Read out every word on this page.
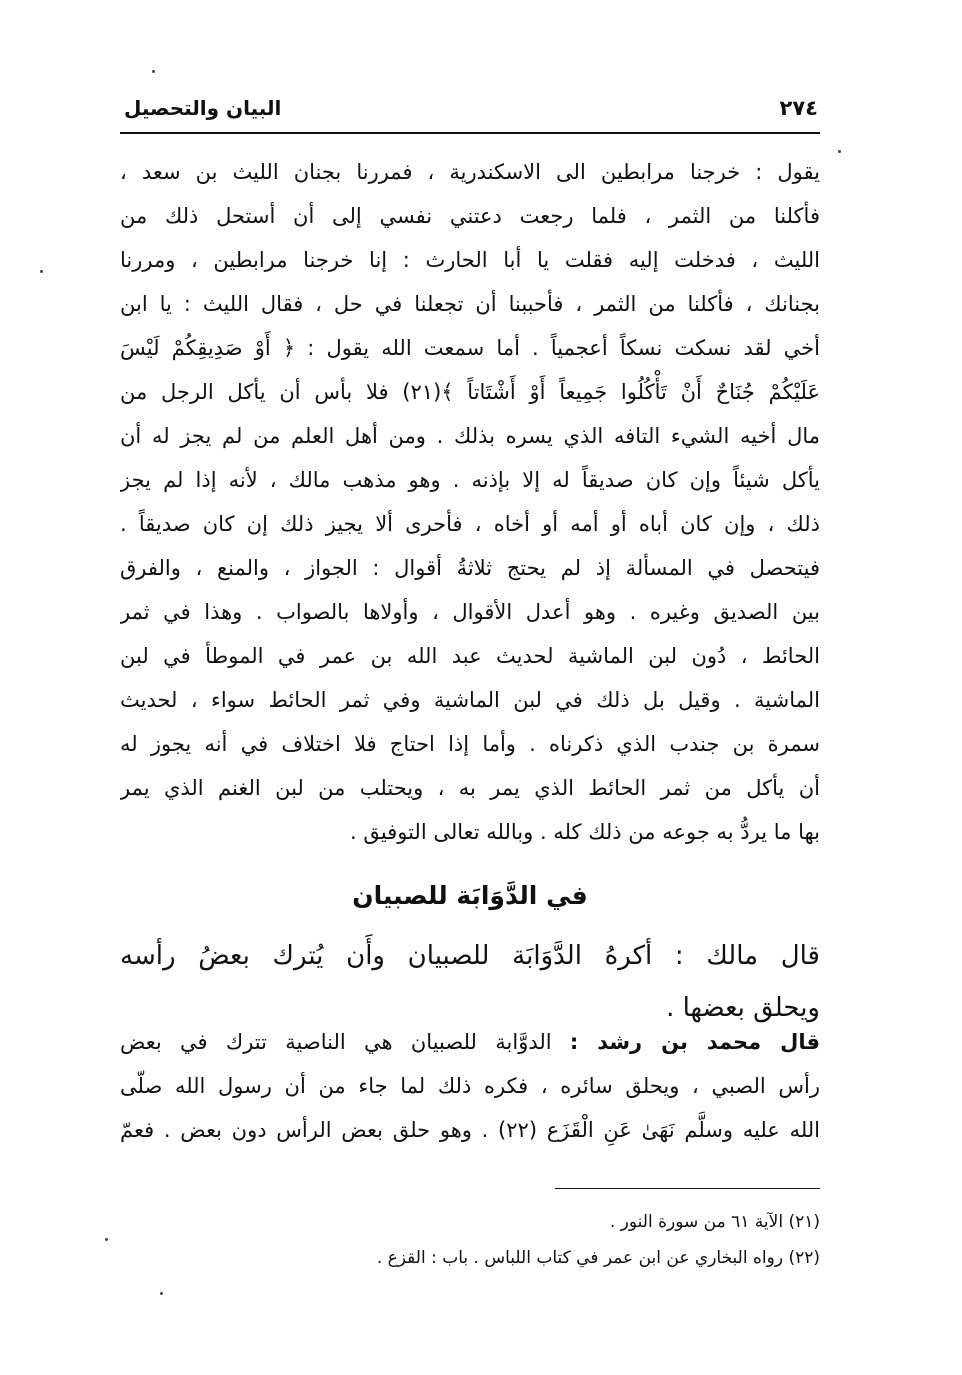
٢٧٤
البيان والتحصيل
يقول : خرجنا مرابطين الى الاسكندرية ، فمررنا بجنان الليث بن سعد ،
فأكلنا من الثمر ، فلما رجعت دعتني نفسي إلى أن أستحل ذلك من
الليث ، فدخلت إليه فقلت يا أبا الحارث : إنا خرجنا مرابطين ، ومررنا
بجنانك ، فأكلنا من الثمر ، فأحببنا أن تجعلنا في حل ، فقال الليث : يا ابن
أخي لقد نسكت نسكاً أعجمياً . أما سمعت الله يقول : ﴿ أَوْ صَدِيقِكُمْ لَيْسَ
عَلَيْكُمْ جُنَاحٌ أَنْ تَأْكُلُوا جَمِيعاً أَوْ أَشْتَاتاً ﴾(٢١) فلا بأس أن يأكل الرجل من
مال أخيه الشيء التافه الذي يسره بذلك . ومن أهل العلم من لم يجز له أن
يأكل شيئاً وإن كان صديقاً له إلا بإذنه . وهو مذهب مالك ، لأنه إذا لم يجز
ذلك ، وإن كان أباه أو أمه أو أخاه ، فأحرى ألا يجيز ذلك إن كان صديقاً .
فيتحصل في المسألة إذ لم يحتج ثلاثةُ أقوال : الجواز ، والمنع ، والفرق
بين الصديق وغيره . وهو أعدل الأقوال ، وأولاها بالصواب . وهذا في ثمر
الحائط ، دُون لبن الماشية لحديث عبد الله بن عمر في الموطأ في لبن
الماشية . وقيل بل ذلك في لبن الماشية وفي ثمر الحائط سواء ، لحديث
سمرة بن جندب الذي ذكرناه . وأما إذا احتاج فلا اختلاف في أنه يجوز له
أن يأكل من ثمر الحائط الذي يمر به ، ويحتلب من لبن الغنم الذي يمر
بها ما يردُّ به جوعه من ذلك كله . وبالله تعالى التوفيق .
في الدَّوَابَة للصبيان
قال مالك : أكرهُ الدَّوَابَة للصبيان وأَن يُترك بعضُ رأسه
ويحلق بعضها .
قال محمد بن رشد : الدوَّابة للصبيان هي الناصية تترك في بعض
رأس الصبي ، ويحلق سائره ، فكره ذلك لما جاء من أن رسول الله صلّى
الله عليه وسلَّم نَهَىٰ عَنِ الْقَزَع (٢٢) . وهو حلق بعض الرأس دون بعض . فعمّ
(٢١) الآية ٦١ من سورة النور .
(٢٢) رواه البخاري عن ابن عمر في كتاب اللباس . باب : القزع .
